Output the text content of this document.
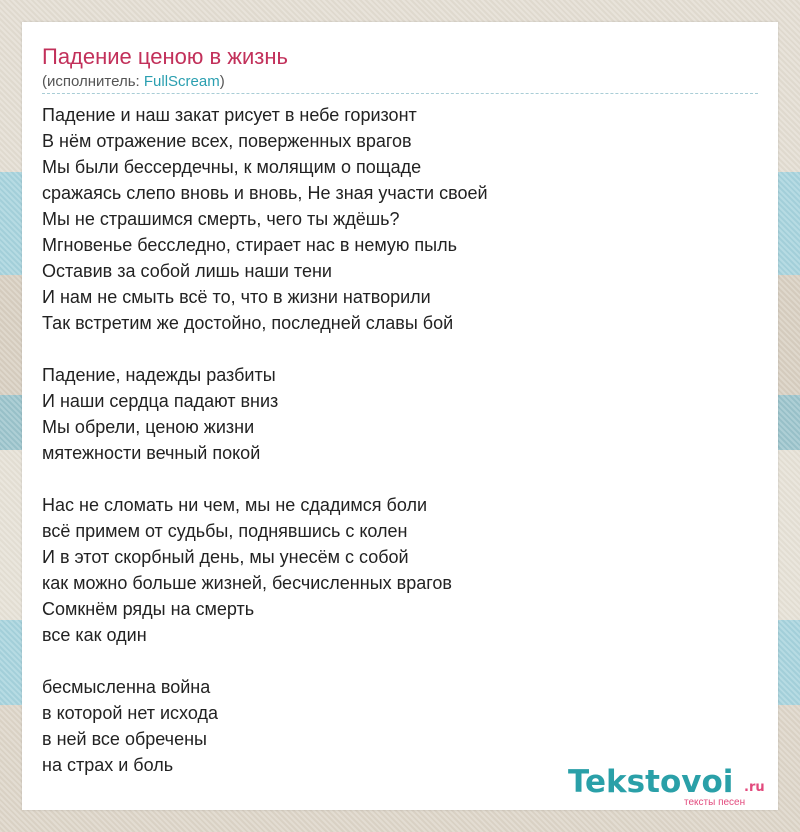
Падение ценою в жизнь
(исполнитель: FullScream)
Падение и наш закат рисует в небе горизонт
В нём отражение всех, поверженных врагов
Мы были бессердечны, к молящим о пощаде
сражаясь слепо вновь и вновь, Не зная участи своей
Мы не страшимся смерть, чего ты ждёшь?
Мгновенье бесследно, стирает нас в немую пыль
Оставив за собой лишь наши тени
И нам не смыть всё то, что в жизни натворили
Так встретим же достойно, последней славы бой
Падение, надежды разбиты
И наши сердца падают вниз
Мы обрели, ценою жизни
мятежности вечный покой
Нас не сломать ни чем, мы не сдадимся боли
всё примем от судьбы, поднявшись с колен
И в этот скорбный день, мы унесём с собой
как можно больше жизней, бесчисленных врагов
Сомкнём ряды на смерть
все как один
бесмысленна война
в которой нет исхода
в ней все обречены
на страх и боль	Tekstovoi .ru
тексты песен
